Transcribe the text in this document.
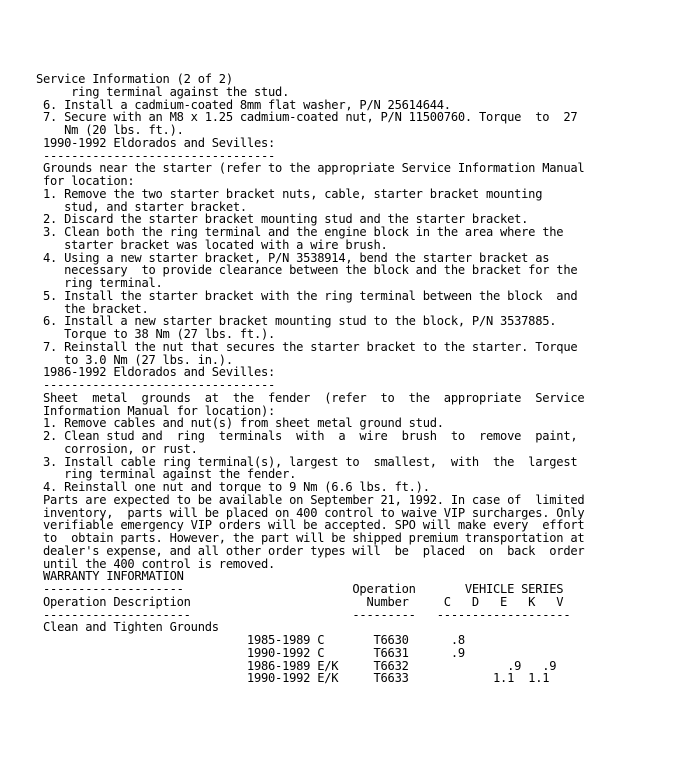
Service Information (2 of 2)
ring terminal against the stud.
6. Install a cadmium-coated 8mm flat washer, P/N 25614644.
7. Secure with an M8 x 1.25 cadmium-coated nut, P/N 11500760. Torque  to  27
Nm (20 lbs. ft.).
1990-1992 Eldorados and Sevilles:
---------------------------------
Grounds near the starter (refer to the appropriate Service Information Manual
for location:
1. Remove the two starter bracket nuts, cable, starter bracket mounting
stud, and starter bracket.
2. Discard the starter bracket mounting stud and the starter bracket.
3. Clean both the ring terminal and the engine block in the area where the
starter bracket was located with a wire brush.
4. Using a new starter bracket, P/N 3538914, bend the starter bracket as
necessary  to provide clearance between the block and the bracket for the
ring terminal.
5. Install the starter bracket with the ring terminal between the block  and
the bracket.
6. Install a new starter bracket mounting stud to the block, P/N 3537885.
Torque to 38 Nm (27 lbs. ft.).
7. Reinstall the nut that secures the starter bracket to the starter. Torque
to 3.0 Nm (27 lbs. in.).
1986-1992 Eldorados and Sevilles:
---------------------------------
Sheet  metal  grounds  at  the  fender  (refer  to  the  appropriate  Service
Information Manual for location):
1. Remove cables and nut(s) from sheet metal ground stud.
2. Clean stud and  ring  terminals  with  a  wire  brush  to  remove  paint,
corrosion, or rust.
3. Install cable ring terminal(s), largest to  smallest,  with  the  largest
ring terminal against the fender.
4. Reinstall one nut and torque to 9 Nm (6.6 lbs. ft.).
Parts are expected to be available on September 21, 1992. In case of  limited
inventory,  parts will be placed on 400 control to waive VIP surcharges. Only
verifiable emergency VIP orders will be accepted. SPO will make every  effort
to  obtain parts. However, the part will be shipped premium transportation at
dealer's expense, and all other order types will  be  placed  on  back  order
until the 400 control is removed.
WARRANTY INFORMATION
--------------------                        Operation       VEHICLE SERIES
Operation Description                         Number     C   D   E   K   V
---------------------                       ---------   -------------------
Clean and Tighten Grounds
1985-1989 C       T6630      .8
1990-1992 C       T6631      .9
1986-1989 E/K     T6632              .9   .9
1990-1992 E/K     T6633            1.1  1.1
